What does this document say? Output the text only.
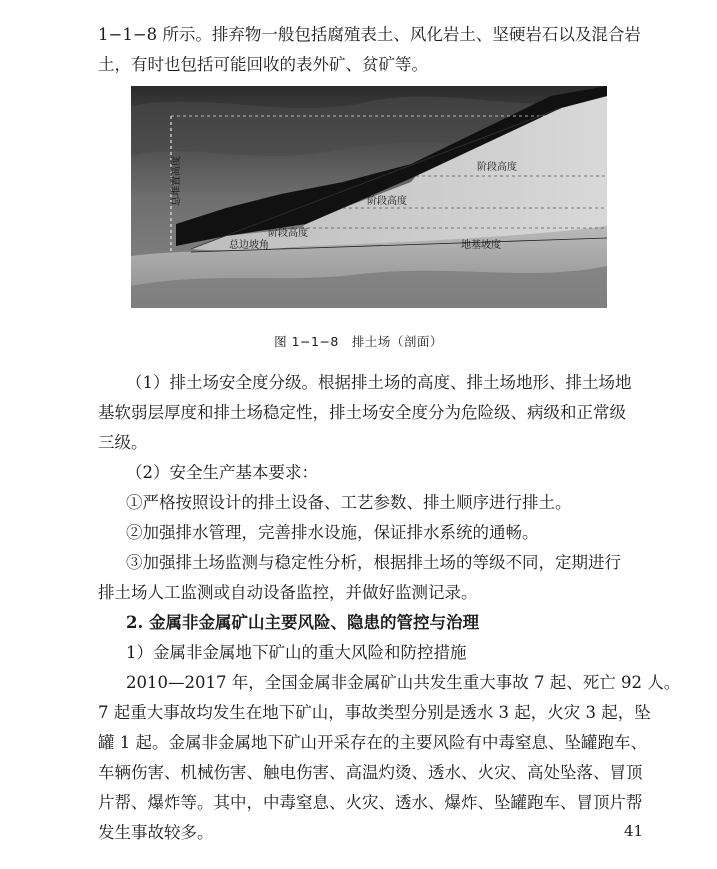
1−1−8 所示。排弃物一般包括腐殖表土、风化岩土、坚硬岩石以及混合岩
土，有时也包括可能回收的表外矿、贫矿等。
总堆置高度	阶段高度
阶段高度
阶段高度
总边坡角	地基坡度
图 1−1−8　排土场（剖面）
（1）排土场安全度分级。根据排土场的高度、排土场地形、排土场地
基软弱层厚度和排土场稳定性，排土场安全度分为危险级、病级和正常级
三级。
（2）安全生产基本要求：
①严格按照设计的排土设备、工艺参数、排土顺序进行排土。
②加强排水管理，完善排水设施，保证排水系统的通畅。
③加强排土场监测与稳定性分析，根据排土场的等级不同，定期进行
排土场人工监测或自动设备监控，并做好监测记录。
2. 金属非金属矿山主要风险、隐患的管控与治理
1）金属非金属地下矿山的重大风险和防控措施
2010—2017 年，全国金属非金属矿山共发生重大事故 7 起、死亡 92 人。
7 起重大事故均发生在地下矿山，事故类型分别是透水 3 起，火灾 3 起，坠
罐 1 起。金属非金属地下矿山开采存在的主要风险有中毒窒息、坠罐跑车、
车辆伤害、机械伤害、触电伤害、高温灼烫、透水、火灾、高处坠落、冒顶
片帮、爆炸等。其中，中毒窒息、火灾、透水、爆炸、坠罐跑车、冒顶片帮
发生事故较多。	41
